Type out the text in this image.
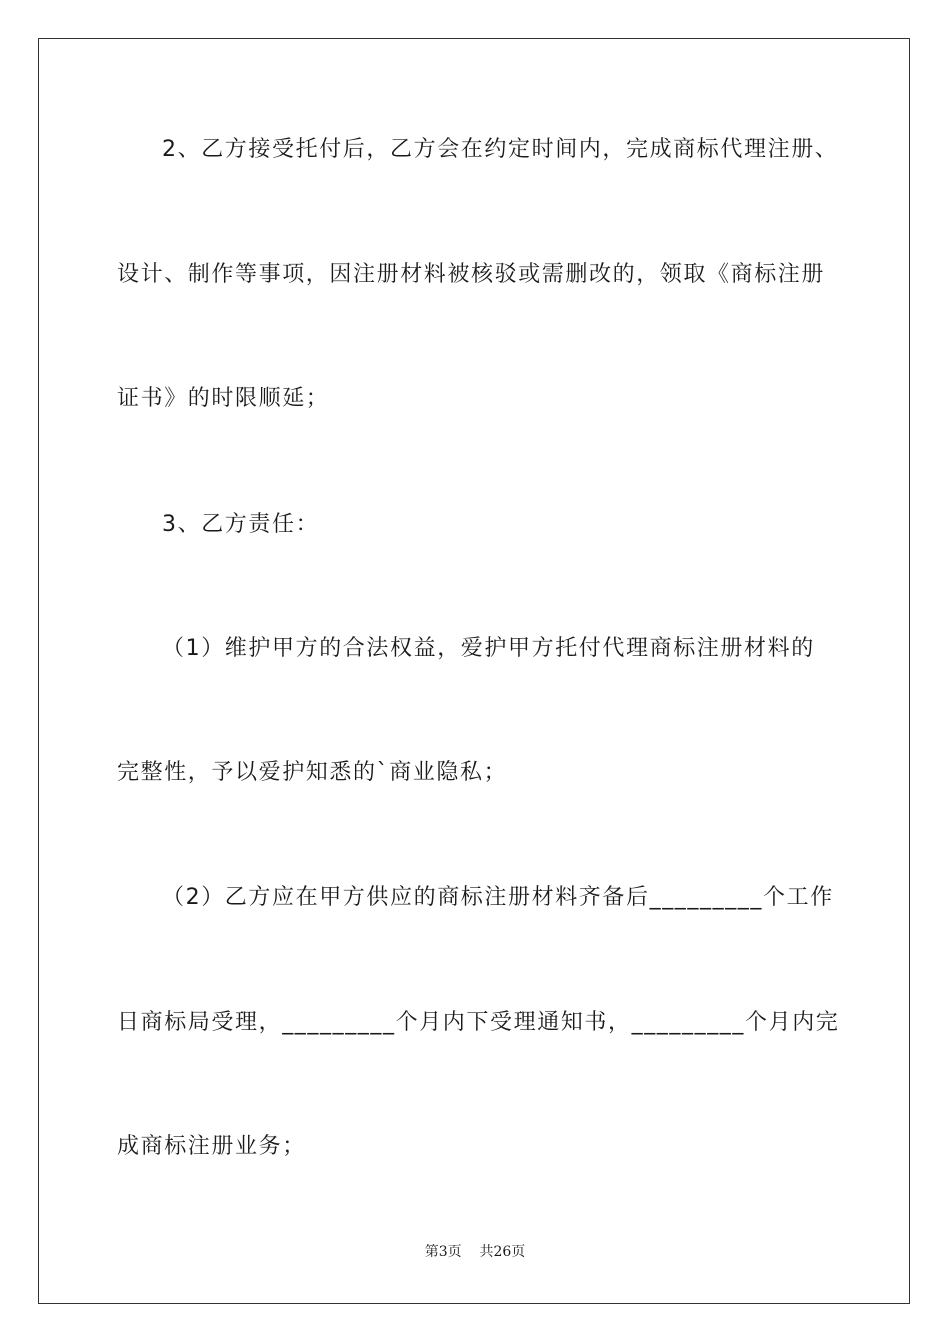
2、乙方接受托付后，乙方会在约定时间内，完成商标代理注册、
设计、制作等事项，因注册材料被核驳或需删改的，领取《商标注册
证书》的时限顺延；
3、乙方责任：
（1）维护甲方的合法权益，爱护甲方托付代理商标注册材料的
完整性，予以爱护知悉的`商业隐私；
（2）乙方应在甲方供应的商标注册材料齐备后_________个工作
日商标局受理，_________个月内下受理通知书，_________个月内完
成商标注册业务；
第3页 共26页
